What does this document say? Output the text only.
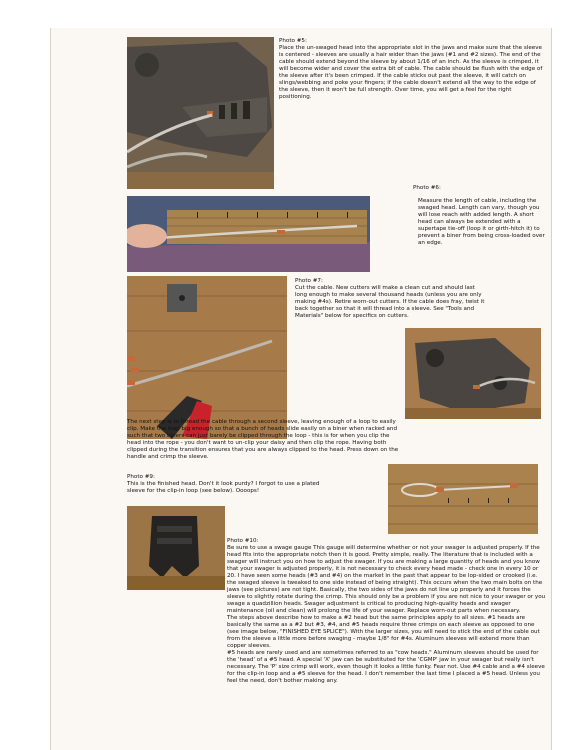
Photo #5:
Place the un-swaged head into the appropriate slot in the jaws and make sure that the sleeve is centered - sleeves are usually a hair wider than the jaws (#1 and #2 sizes). The end of the cable should extend beyond the sleeve by about 1/16 of an inch. As the sleeve is crimped, it will become wider and cover the extra bit of cable. The cable should be flush with the edge of the sleeve after it's been crimped. If the cable sticks out past the sleeve, it will catch on slings/webbing and poke your fingers; if the cable doesn't extend all the way to the edge of the sleeve, then it won't be full strength. Over time, you will get a feel for the right positioning.

Photo #6:

Measure the length of cable, including the swaged head. Length can vary, though you will lose reach with added length. A short head can always be extended with a supertape tie-off (loop it or girth-hitch it) to prevent a biner from being cross-loaded over an edge.

Photo #7:
Cut the cable. New cutters will make a clean cut and should last long enough to make several thousand heads (unless you are only making #4s). Retire worn-out cutters. If the cable does fray, twist it back together so that it will thread into a sleeve. See "Tools and Materials" below for specifics on cutters.

The next step is to thread the cable through a second sleeve, leaving enough of a loop to easily clip. Make the loop big enough so that a bunch of heads slide easily on a biner when racked and such that two biners can just barely be clipped through the loop - this is for when you clip the head into the rope - you don't want to un-clip your daisy and then clip the rope. Having both clipped during the transition ensures that you are always clipped to the head. Press down on the handle and crimp the sleeve.

Photo #9:
This is the finished head. Don't it look purdy? I forgot to use a plated sleeve for the clip-in loop (see below). Oooops!

Photo #10:
Be sure to use a swage gauge This gauge will determine whether or not your swager is adjusted properly. If the head fits into the appropriate notch then it is good. Pretty simple, really. The literature that is included with a swager will instruct you on how to adjust the swager. If you are making a large quantity of heads and you know that your swager is adjusted properly, it is not necessary to check every head made - check one in every 10 or 20. I have seen some heads (#3 and #4) on the market in the past that appear to be lop-sided or crooked (i.e. the swaged sleeve is tweaked to one side instead of being straight). This occurs when the two main bolts on the jaws (see pictures) are not tight. Basically, the two sides of the jaws do not line up properly and it forces the sleeve to slightly rotate during the crimp. This should only be a problem if you are not nice to your swager or you swage a quadzillion heads. Swager adjustment is critical to producing high-quality heads and swager maintenance (oil and clean) will prolong the life of your swager. Replace worn-out parts when necessary.
The steps above describe how to make a #2 head but the same principles apply to all sizes. #1 heads are basically the same as a #2 but #3, #4, and #5 heads require three crimps on each sleeve as opposed to one (see image below, "FINISHED EYE SPLICE"). With the larger sizes, you will need to stick the end of the cable out from the sleeve a little more before swaging - maybe 1/8" for #4s. Aluminum sleeves will extend more than copper sleeves.
#5 heads are rarely used and are sometimes referred to as "cow heads." Aluminum sleeves should be used for the 'head' of a #5 head. A special 'X' jaw can be substituted for the 'CGMP' jaw in your swager but really isn't necessary. The 'P' size crimp will work, even though it looks a little funky. Fear not. Use #4 cable and a #4 sleeve for the clip-in loop and a #5 sleeve for the head. I don't remember the last time I placed a #5 head. Unless you feel the need, don't bother making any.
